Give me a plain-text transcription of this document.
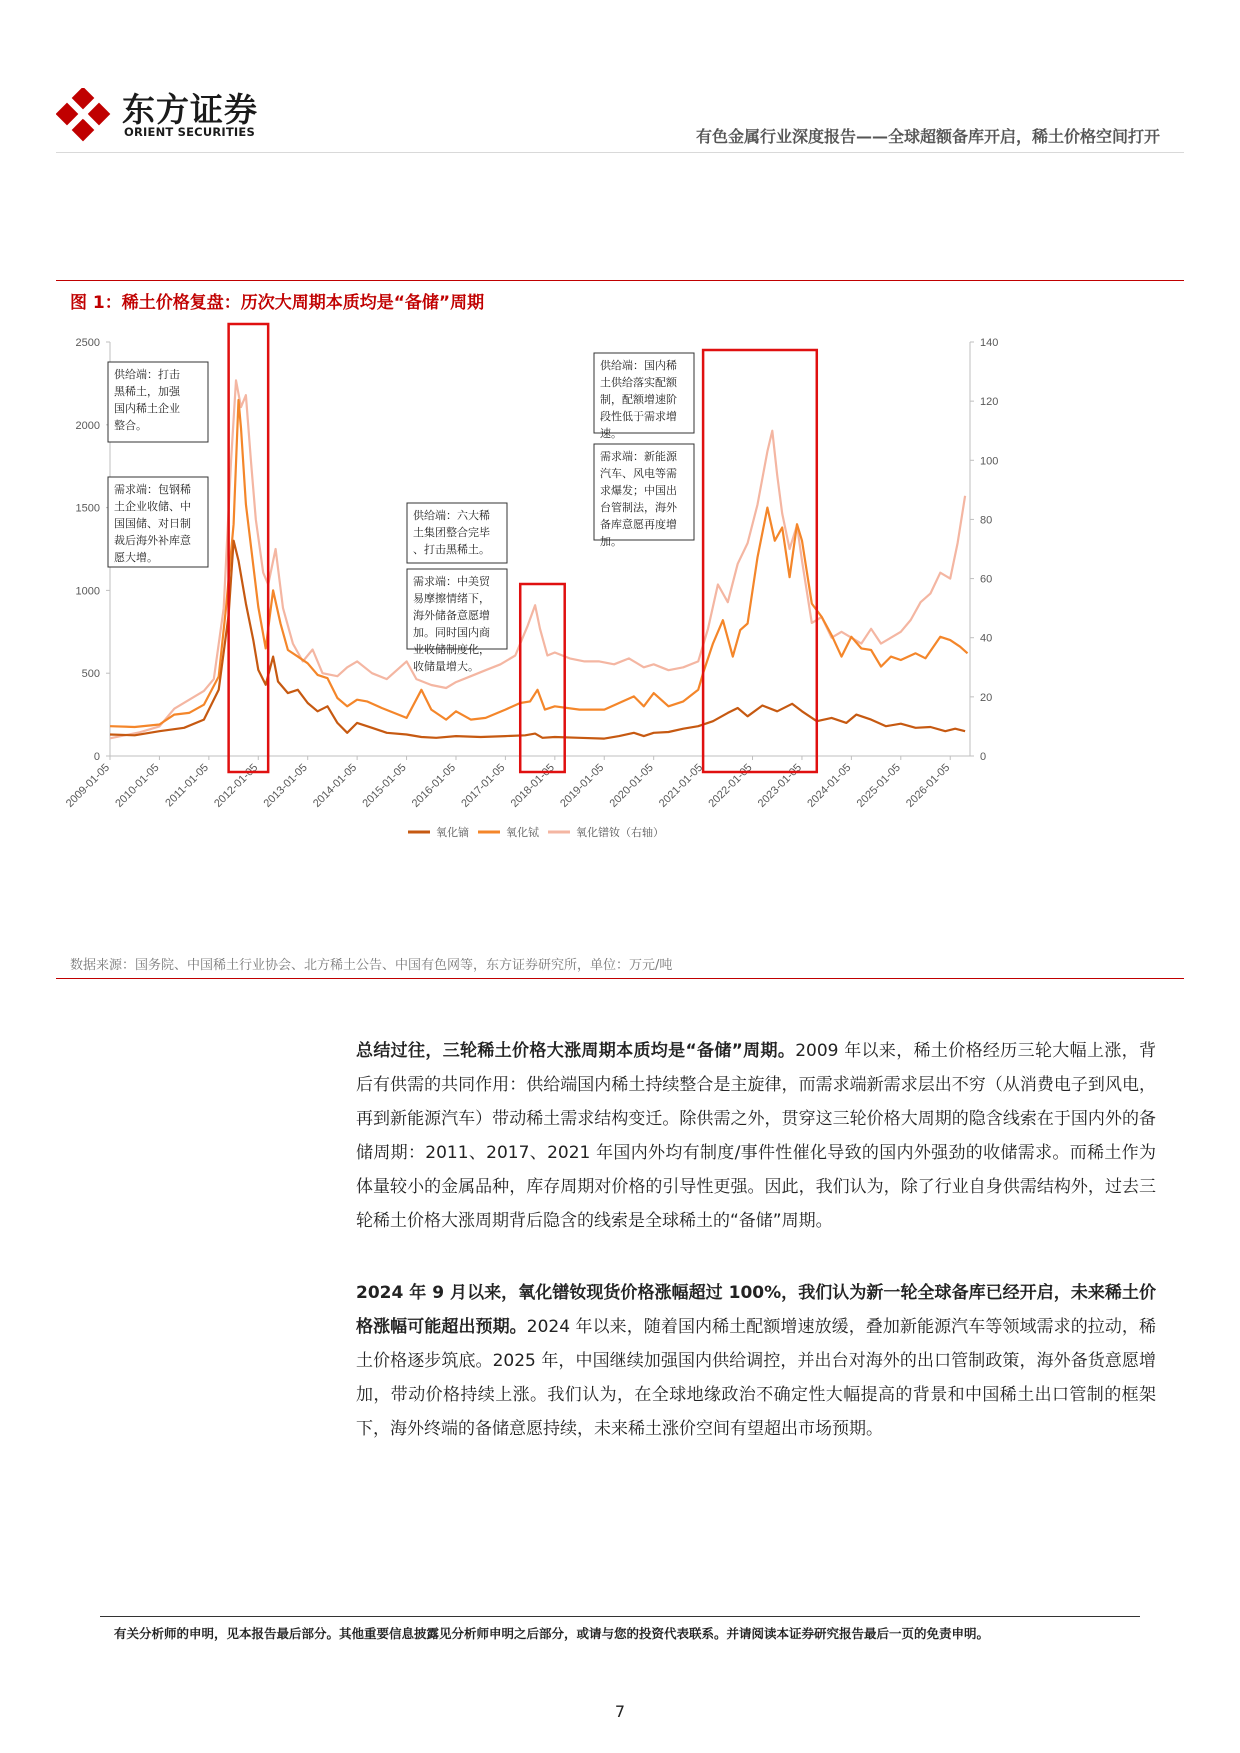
东方证券
ORIENT SECURITIES	有色金属行业深度报告——全球超额备库开启，稀土价格空间打开
图 1：稀土价格复盘：历次大周期本质均是“备储”周期
0
500
1000
1500
2000
2500
0
20
40
60
80
100
120
140
2009-01-05 2010-01-05 2011-01-05 2012-01-05 2013-01-05 2014-01-05 2015-01-05 2016-01-05 2017-01-05 2018-01-05 2019-01-05 2020-01-05 2021-01-05 2022-01-05 2023-01-05 2024-01-05 2025-01-05 2026-01-05
供给端：打击黑稀土，加强国内稀土企业整合。
需求端：包钢稀土企业收储、中国国储、对日制裁后海外补库意愿大增。
供给端：六大稀土集团整合完毕、打击黑稀土。
需求端：中美贸易摩擦情绪下，海外储备意愿增加。同时国内商业收储制度化，收储量增大。
供给端：国内稀土供给落实配额制，配额增速阶段性低于需求增速。
需求端：新能源汽车、风电等需求爆发；中国出台管制法，海外备库意愿再度增加。
氧化镝	氧化铽	氧化镨钕（右轴）
数据来源：国务院、中国稀土行业协会、北方稀土公告、中国有色网等，东方证券研究所，单位：万元/吨

总结过往，三轮稀土价格大涨周期本质均是“备储”周期。2009 年以来，稀土价格经历三轮大幅上涨，背后有供需的共同作用：供给端国内稀土持续整合是主旋律，而需求端新需求层出不穷（从消费电子到风电，再到新能源汽车）带动稀土需求结构变迁。除供需之外，贯穿这三轮价格大周期的隐含线索在于国内外的备储周期：2011、2017、2021 年国内外均有制度/事件性催化导致的国内外强劲的收储需求。而稀土作为体量较小的金属品种，库存周期对价格的引导性更强。因此，我们认为，除了行业自身供需结构外，过去三轮稀土价格大涨周期背后隐含的线索是全球稀土的“备储”周期。

2024 年 9 月以来，氧化镨钕现货价格涨幅超过 100%，我们认为新一轮全球备库已经开启，未来稀土价格涨幅可能超出预期。2024 年以来，随着国内稀土配额增速放缓，叠加新能源汽车等领域需求的拉动，稀土价格逐步筑底。2025 年，中国继续加强国内供给调控，并出台对海外的出口管制政策，海外备货意愿增加，带动价格持续上涨。我们认为，在全球地缘政治不确定性大幅提高的背景和中国稀土出口管制的框架下，海外终端的备储意愿持续，未来稀土涨价空间有望超出市场预期。

有关分析师的申明，见本报告最后部分。其他重要信息披露见分析师申明之后部分，或请与您的投资代表联系。并请阅读本证券研究报告最后一页的免责申明。
7
